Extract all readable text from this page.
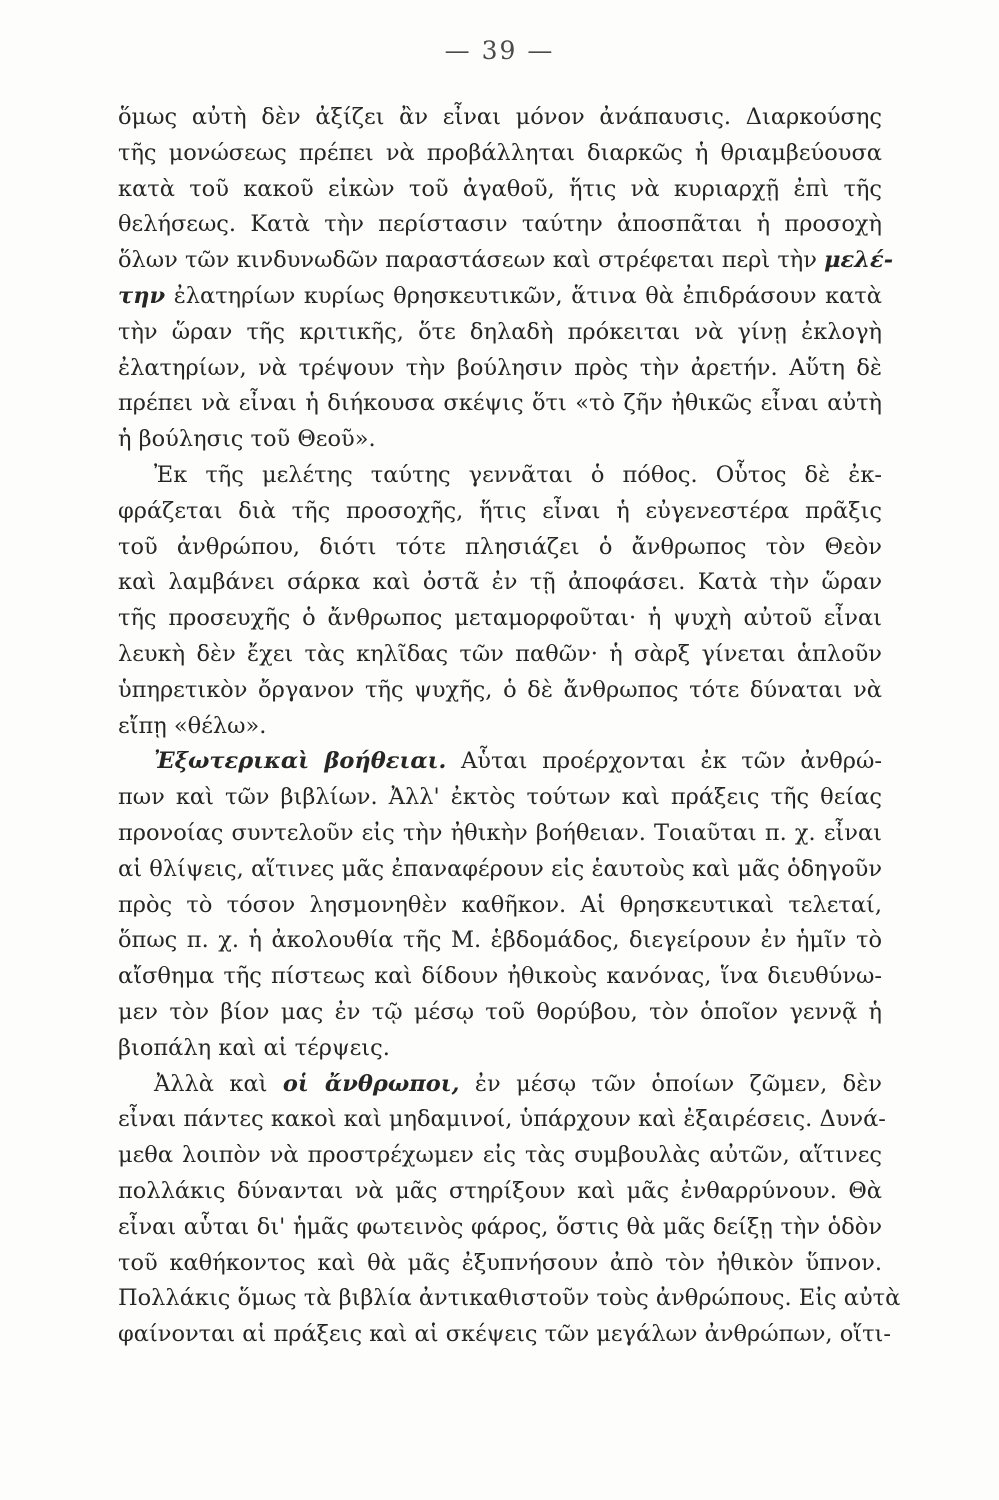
— 39 —
ὅμως αὐτὴ δὲν ἀξίζει ἂν εἶναι μόνον ἀνάπαυσις. Διαρκούσης
τῆς μονώσεως πρέπει νὰ προβάλληται διαρκῶς ἡ θριαμβεύουσα
κατὰ τοῦ κακοῦ εἰκὼν τοῦ ἀγαθοῦ, ἥτις νὰ κυριαρχῇ ἐπὶ τῆς
θελήσεως. Κατὰ τὴν περίστασιν ταύτην ἀποσπᾶται ἡ προσοχὴ
ὅλων τῶν κινδυνωδῶν παραστάσεων καὶ στρέφεται περὶ τὴν μελέ-
την ἐλατηρίων κυρίως θρησκευτικῶν, ἅτινα θὰ ἐπιδράσουν κατὰ
τὴν ὥραν τῆς κριτικῆς, ὅτε δηλαδὴ πρόκειται νὰ γίνῃ ἐκλογὴ
ἐλατηρίων, νὰ τρέψουν τὴν βούλησιν πρὸς τὴν ἀρετήν. Αὕτη δὲ
πρέπει νὰ εἶναι ἡ διήκουσα σκέψις ὅτι «τὸ ζῆν ἠθικῶς εἶναι αὐτὴ
ἡ βούλησις τοῦ Θεοῦ».
Ἐκ τῆς μελέτης ταύτης γεννᾶται ὁ πόθος. Οὗτος δὲ ἐκ-
φράζεται διὰ τῆς προσοχῆς, ἥτις εἶναι ἡ εὐγενεστέρα πρᾶξις
τοῦ ἀνθρώπου, διότι τότε πλησιάζει ὁ ἄνθρωπος τὸν Θεὸν
καὶ λαμβάνει σάρκα καὶ ὀστᾶ ἐν τῇ ἀποφάσει. Κατὰ τὴν ὥραν
τῆς προσευχῆς ὁ ἄνθρωπος μεταμορφοῦται· ἡ ψυχὴ αὐτοῦ εἶναι
λευκὴ δὲν ἔχει τὰς κηλῖδας τῶν παθῶν· ἡ σὰρξ γίνεται ἁπλοῦν
ὑπηρετικὸν ὄργανον τῆς ψυχῆς, ὁ δὲ ἄνθρωπος τότε δύναται νὰ
εἴπῃ «θέλω».
Ἐξωτερικαὶ βοήθειαι. Αὗται προέρχονται ἐκ τῶν ἀνθρώ-
πων καὶ τῶν βιβλίων. Ἀλλ' ἐκτὸς τούτων καὶ πράξεις τῆς θείας
προνοίας συντελοῦν εἰς τὴν ἠθικὴν βοήθειαν. Τοιαῦται π. χ. εἶναι
αἱ θλίψεις, αἵτινες μᾶς ἐπαναφέρουν εἰς ἑαυτοὺς καὶ μᾶς ὁδηγοῦν
πρὸς τὸ τόσον λησμονηθὲν καθῆκον. Αἱ θρησκευτικαὶ τελεταί,
ὅπως π. χ. ἡ ἀκολουθία τῆς Μ. ἑβδομάδος, διεγείρουν ἐν ἡμῖν τὸ
αἴσθημα τῆς πίστεως καὶ δίδουν ἠθικοὺς κανόνας, ἵνα διευθύνω-
μεν τὸν βίον μας ἐν τῷ μέσῳ τοῦ θορύβου, τὸν ὁποῖον γεννᾷ ἡ
βιοπάλη καὶ αἱ τέρψεις.
Ἀλλὰ καὶ οἱ ἄνθρωποι, ἐν μέσῳ τῶν ὁποίων ζῶμεν, δὲν
εἶναι πάντες κακοὶ καὶ μηδαμινοί, ὑπάρχουν καὶ ἐξαιρέσεις. Δυνά-
μεθα λοιπὸν νὰ προστρέχωμεν εἰς τὰς συμβουλὰς αὐτῶν, αἵτινες
πολλάκις δύνανται νὰ μᾶς στηρίξουν καὶ μᾶς ἐνθαρρύνουν. Θὰ
εἶναι αὗται δι' ἡμᾶς φωτεινὸς φάρος, ὅστις θὰ μᾶς δείξῃ τὴν ὁδὸν
τοῦ καθήκοντος καὶ θὰ μᾶς ἐξυπνήσουν ἀπὸ τὸν ἠθικὸν ὕπνον.
Πολλάκις ὅμως τὰ βιβλία ἀντικαθιστοῦν τοὺς ἀνθρώπους. Εἰς αὐτὰ
φαίνονται αἱ πράξεις καὶ αἱ σκέψεις τῶν μεγάλων ἀνθρώπων, οἵτι-
